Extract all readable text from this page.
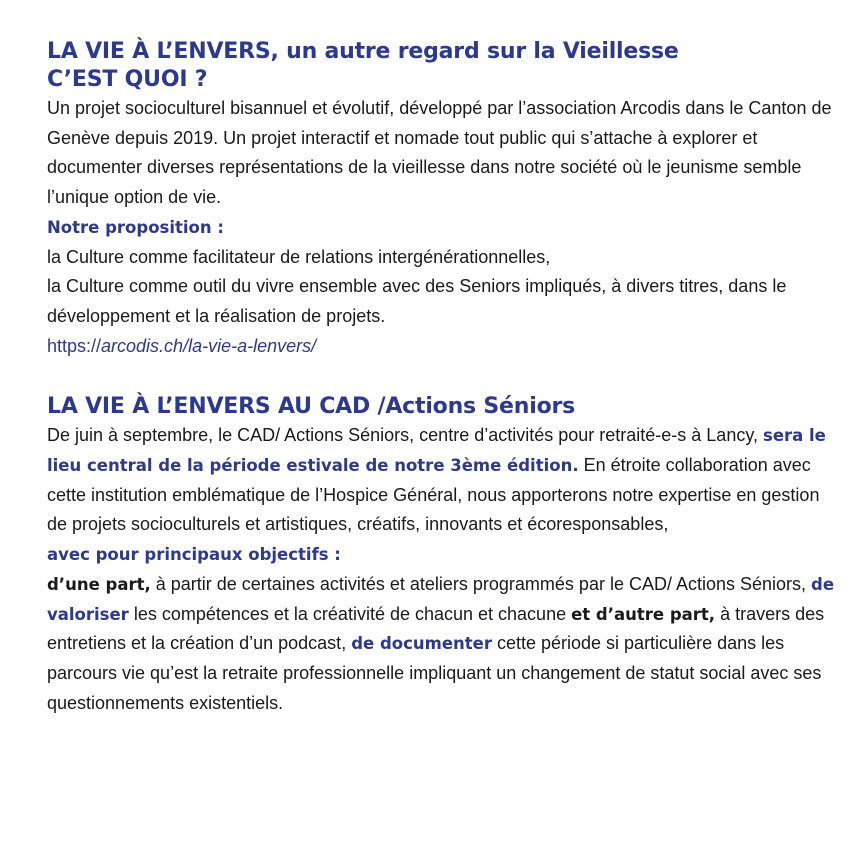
LA VIE À L’ENVERS, un autre regard sur la Vieillesse
C’EST QUOI ?

Un projet socioculturel bisannuel et évolutif, développé par l’association Arcodis dans le Canton de Genève depuis 2019. Un projet interactif et nomade tout public qui s’attache à explorer et documenter diverses représentations de la vieillesse dans notre société où le jeunisme semble l’unique option de vie.

Notre proposition :

la Culture comme facilitateur de relations intergénérationnelles,
la Culture comme outil du vivre ensemble avec des Seniors impliqués, à divers titres, dans le développement et la réalisation de projets.

https://arcodis.ch/la-vie-a-lenvers/

LA VIE À L’ENVERS AU CAD /Actions Séniors

De juin à septembre, le CAD/ Actions Séniors, centre d’activités pour retraité-e-s à Lancy, sera le lieu central de la période estivale de notre 3ème édition. En étroite collaboration avec cette institution emblématique de l’Hospice Général, nous apporterons notre expertise en gestion de projets socioculturels et artistiques, créatifs, innovants et écoresponsables,

avec pour principaux objectifs :

d’une part, à partir de certaines activités et ateliers programmés par le CAD/ Actions Séniors, de valoriser les compétences et la créativité de chacun et chacune et d’autre part, à travers des entretiens et la création d’un podcast, de documenter cette période si particulière dans les parcours vie qu’est la retraite professionnelle impliquant un changement de statut social avec ses questionnements existentiels.
